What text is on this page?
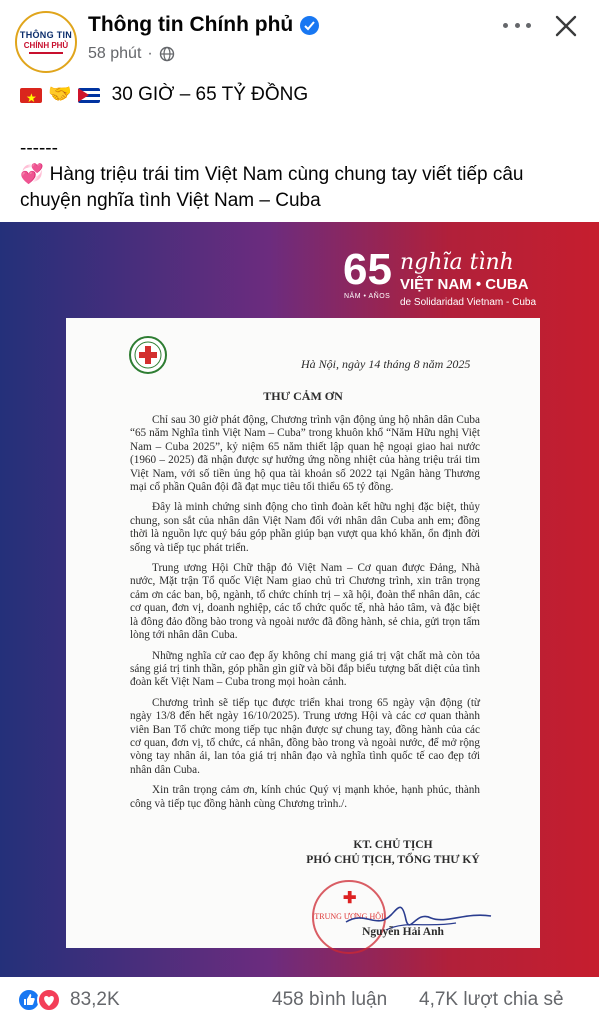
THÔNG TIN
CHÍNH PHỦ
Thông tin Chính phủ
58 phút ·
★
🤝 30 GIỜ – 65 TỶ ĐỒNG
------
💞 Hàng triệu trái tim Việt Nam cùng chung tay viết tiếp câu chuyện nghĩa tình Việt Nam – Cuba
65
NĂM • AÑOS
nghĩa tình
VIỆT NAM • CUBA
de Solidaridad Vietnam - Cuba
Hà Nội, ngày 14 tháng 8 năm 2025
THƯ CẢM ƠN

Chỉ sau 30 giờ phát động, Chương trình vận động ủng hộ nhân dân Cuba “65 năm Nghĩa tình Việt Nam – Cuba” trong khuôn khổ “Năm Hữu nghị Việt Nam – Cuba 2025”, kỷ niệm 65 năm thiết lập quan hệ ngoại giao hai nước (1960 – 2025) đã nhận được sự hưởng ứng nồng nhiệt của hàng triệu trái tim Việt Nam, với số tiền ủng hộ qua tài khoản số 2022 tại Ngân hàng Thương mại cổ phần Quân đội đã đạt mục tiêu tối thiểu 65 tỷ đồng.

Đây là minh chứng sinh động cho tình đoàn kết hữu nghị đặc biệt, thủy chung, son sắt của nhân dân Việt Nam đối với nhân dân Cuba anh em; đồng thời là nguồn lực quý báu góp phần giúp bạn vượt qua khó khăn, ổn định đời sống và tiếp tục phát triển.

Trung ương Hội Chữ thập đỏ Việt Nam – Cơ quan được Đảng, Nhà nước, Mặt trận Tổ quốc Việt Nam giao chủ trì Chương trình, xin trân trọng cảm ơn các ban, bộ, ngành, tổ chức chính trị – xã hội, đoàn thể nhân dân, các cơ quan, đơn vị, doanh nghiệp, các tổ chức quốc tế, nhà hảo tâm, và đặc biệt là đông đảo đồng bào trong và ngoài nước đã đồng hành, sẻ chia, gửi trọn tấm lòng tới nhân dân Cuba.

Những nghĩa cử cao đẹp ấy không chỉ mang giá trị vật chất mà còn tỏa sáng giá trị tinh thần, góp phần gìn giữ và bồi đắp biểu tượng bất diệt của tình đoàn kết Việt Nam – Cuba trong mọi hoàn cảnh.

Chương trình sẽ tiếp tục được triển khai trong 65 ngày vận động (từ ngày 13/8 đến hết ngày 16/10/2025). Trung ương Hội và các cơ quan thành viên Ban Tổ chức mong tiếp tục nhận được sự chung tay, đồng hành của các cơ quan, đơn vị, tổ chức, cá nhân, đồng bào trong và ngoài nước, để mở rộng vòng tay nhân ái, lan tỏa giá trị nhân đạo và nghĩa tình quốc tế cao đẹp tới nhân dân Cuba.

Xin trân trọng cảm ơn, kính chúc Quý vị mạnh khỏe, hạnh phúc, thành công và tiếp tục đồng hành cùng Chương trình./.

KT. CHỦ TỊCH
PHÓ CHỦ TỊCH, TỔNG THƯ KÝ
✚
TRUNG ƯƠNG HỘI
Nguyễn Hải Anh
83,2K	458 bình luận 4,7K lượt chia sẻ
